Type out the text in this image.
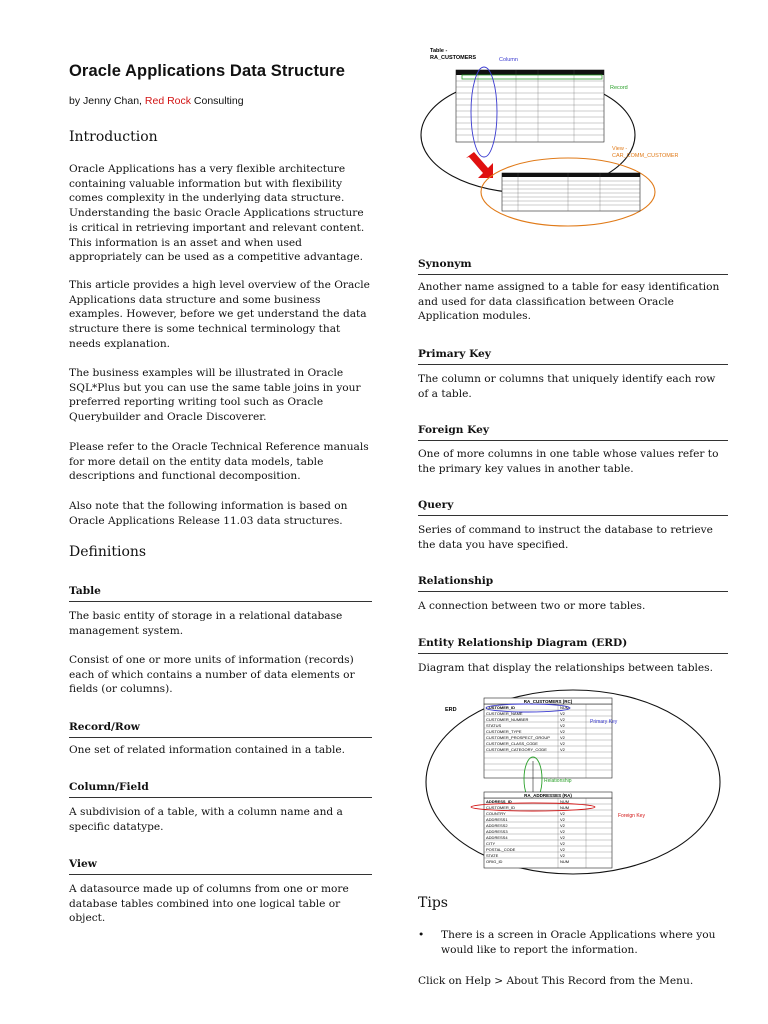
Oracle Applications Data Structure
by Jenny Chan, Red Rock Consulting
Introduction

Oracle Applications has a very flexible architecture containing valuable information but with flexibility comes complexity in the underlying data structure. Understanding the basic Oracle Applications structure is critical in retrieving important and relevant content. This information is an asset and when used appropriately can be used as a competitive advantage.

This article provides a high level overview of the Oracle Applications data structure and some business examples. However, before we get understand the data structure there is some technical terminology that needs explanation.

The business examples will be illustrated in Oracle SQL*Plus but you can use the same table joins in your preferred reporting writing tool such as Oracle Querybuilder and Oracle Discoverer.

Please refer to the Oracle Technical Reference manuals for more detail on the entity data models, table descriptions and functional decomposition.

Also note that the following information is based on Oracle Applications Release 11.03 data structures.

Definitions
Table

The basic entity of storage in a relational database management system.

Consist of one or more units of information (records) each of which contains a number of data elements or fields (or columns).

Record/Row

One set of related information contained in a table.

Column/Field

A subdivision of a table, with a column name and a specific datatype.

View

A datasource made up of columns from one or more database tables combined into one logical table or object.

Table -
RA_CUSTOMERS	Column
Record
View -
CAR_COMM_CUSTOMER_V
Synonym

Another name assigned to a table for easy identification and used for data classification between Oracle Application modules.

Primary Key

The column or columns that uniquely identify each row of a table.

Foreign Key

One of more columns in one table whose values refer to the primary key values in another table.

Query

Series of command to instruct the database to retrieve the data you have specified.

Relationship

A connection between two or more tables.

Entity Relationship Diagram (ERD)

Diagram that display the relationships between tables.

ERD
RA_CUSTOMERS (RC)
CUSTOMER_ID
CUSTOMER_NAME
CUSTOMER_NUMBER
STATUS
CUSTOMER_TYPE
CUSTOMER_PROSPECT_GROUP
CUSTOMER_CLASS_CODE
CUSTOMER_CATEGORY_CODE
NUM
V2
V2
V2
V2
V2
V2
V2
Primary Key
Relationship
RA_ADDRESSES (RA)
ADDRESS_ID
CUSTOMER_ID
COUNTRY
ADDRESS1
ADDRESS2
ADDRESS3
ADDRESS4
CITY
POSTAL_CODE
STATE
ORIG_ID
NUM
NUM
V2
V2
V2
V2
V2
V2
V2
V2
NUM
Foreign Key
Tips
• There is a screen in Oracle Applications where you would like to report the information.

Click on Help > About This Record from the Menu.
